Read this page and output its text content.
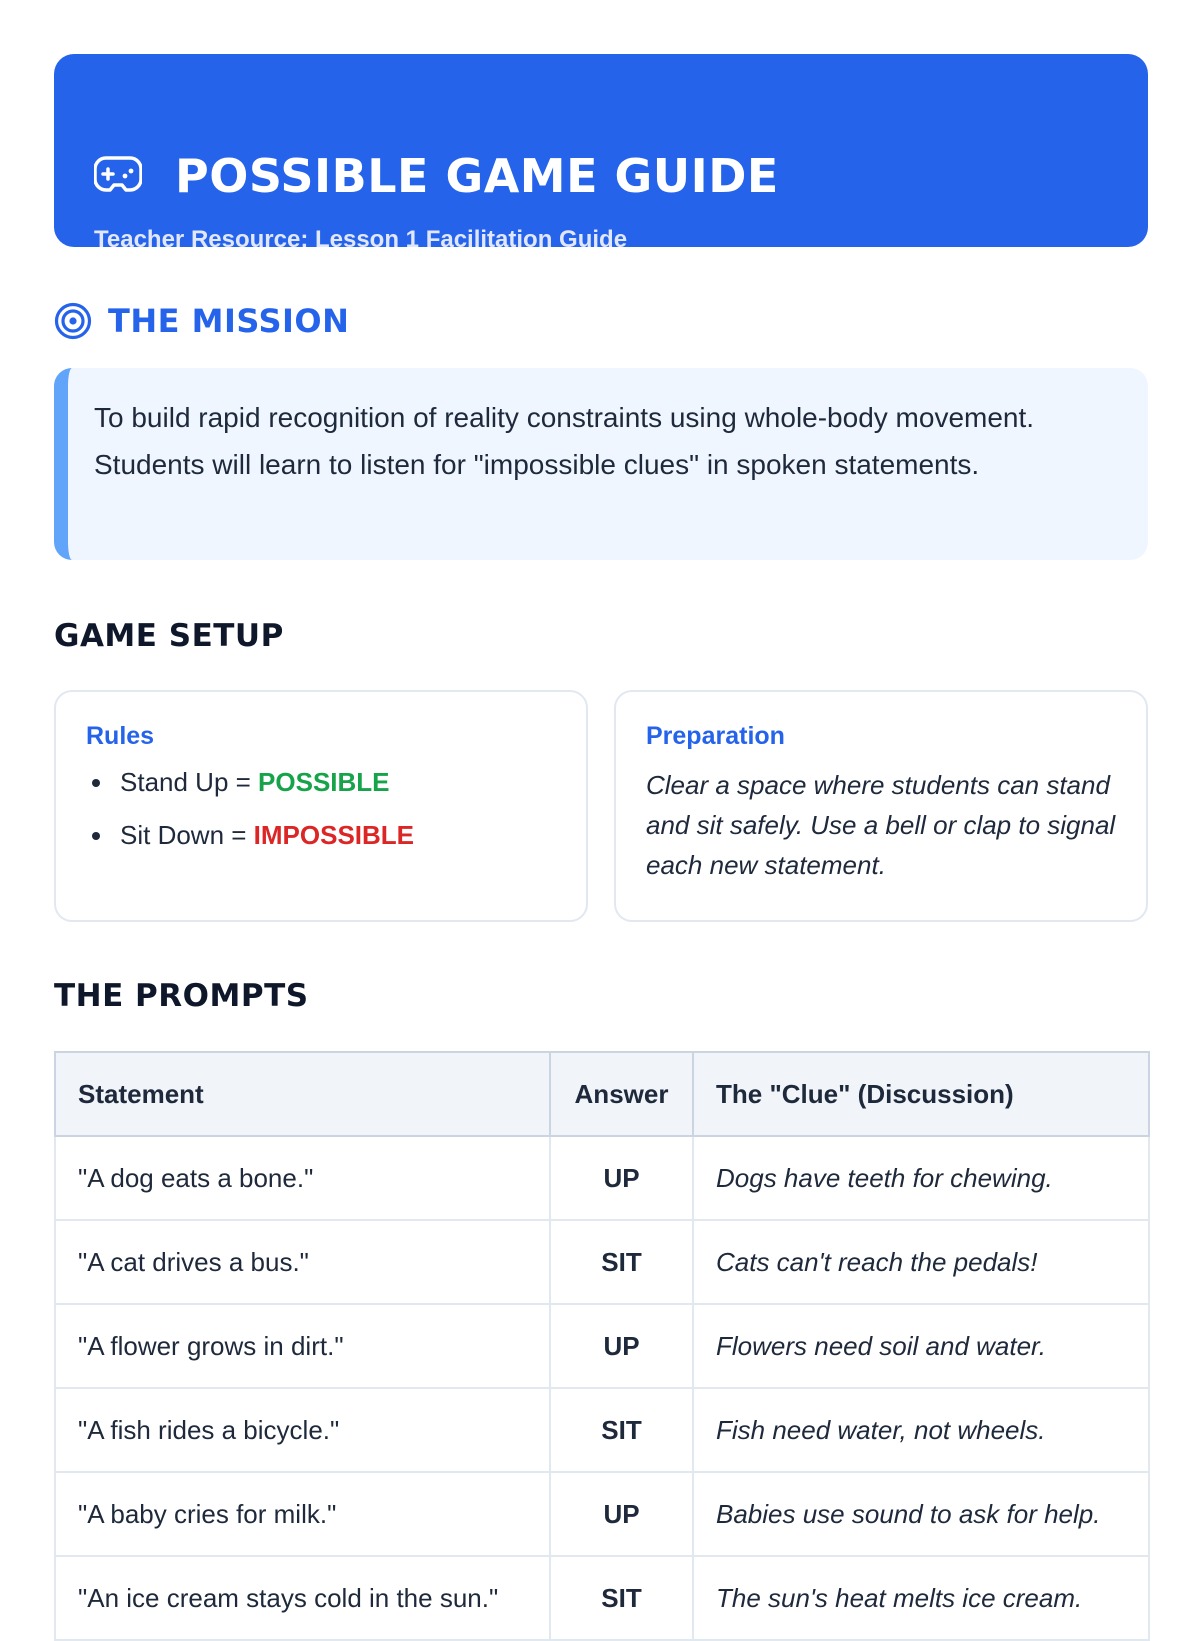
POSSIBLE GAME GUIDE
Teacher Resource: Lesson 1 Facilitation Guide
THE MISSION
To build rapid recognition of reality constraints using whole-body movement. Students will learn to listen for "impossible clues" in spoken statements.
GAME SETUP
Rules
Stand Up = POSSIBLE
Sit Down = IMPOSSIBLE
Preparation
Clear a space where students can stand and sit safely. Use a bell or clap to signal each new statement.
THE PROMPTS
Statement	Answer	The "Clue" (Discussion)
"A dog eats a bone."	UP	Dogs have teeth for chewing.
"A cat drives a bus."	SIT	Cats can't reach the pedals!
"A flower grows in dirt."	UP	Flowers need soil and water.
"A fish rides a bicycle."	SIT	Fish need water, not wheels.
"A baby cries for milk."	UP	Babies use sound to ask for help.
"An ice cream stays cold in the sun."	SIT	The sun's heat melts ice cream.
